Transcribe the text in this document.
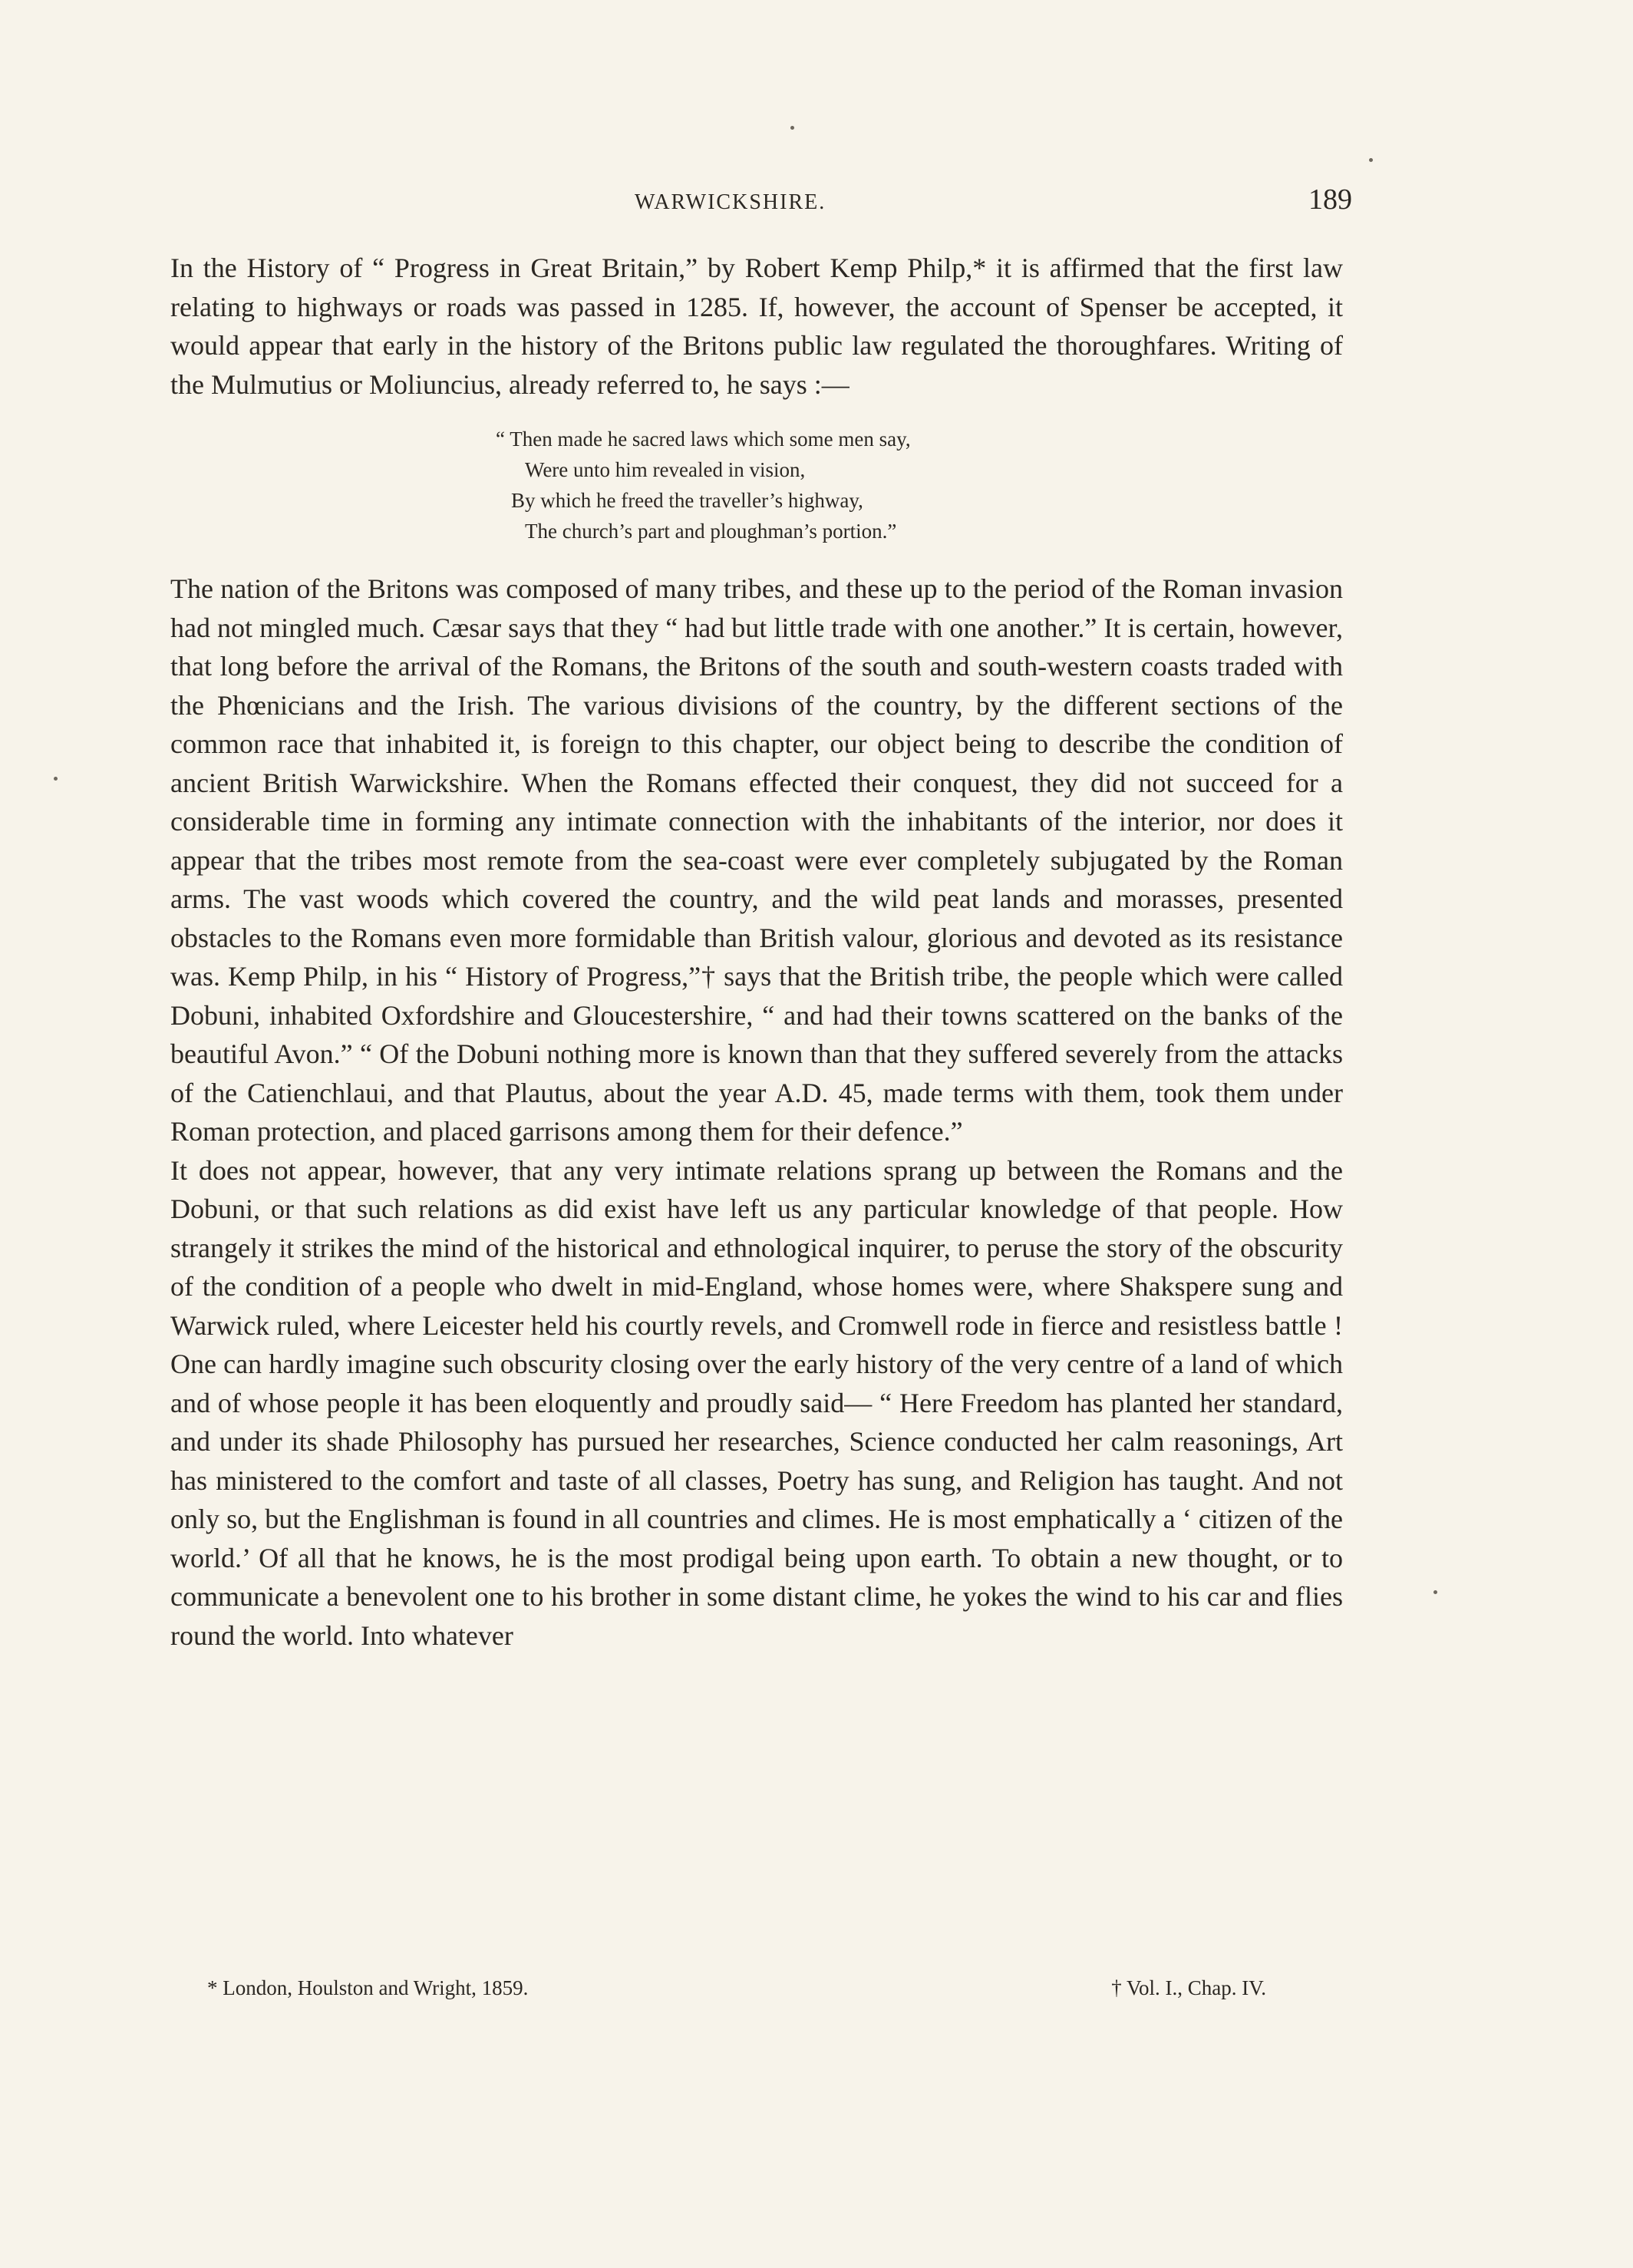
WARWICKSHIRE.	189

In the History of “ Progress in Great Britain,” by Robert Kemp Philp,* it is affirmed that the first law relating to highways or roads was passed in 1285. If, however, the account of Spenser be accepted, it would appear that early in the history of the Britons public law regulated the thoroughfares. Writing of the Mulmutius or Moliuncius, already referred to, he says :—

“ Then made he sacred laws which some men say,
Were unto him revealed in vision,
By which he freed the traveller’s highway,
The church’s part and ploughman’s portion.”

The nation of the Britons was composed of many tribes, and these up to the period of the Roman invasion had not mingled much. Cæsar says that they “ had but little trade with one another.” It is certain, however, that long before the arrival of the Romans, the Britons of the south and south-western coasts traded with the Phœnicians and the Irish. The various divisions of the country, by the different sections of the common race that inhabited it, is foreign to this chapter, our object being to describe the condition of ancient British Warwickshire. When the Romans effected their conquest, they did not succeed for a considerable time in forming any intimate connection with the inhabitants of the interior, nor does it appear that the tribes most remote from the sea-coast were ever completely subjugated by the Roman arms. The vast woods which covered the country, and the wild peat lands and morasses, presented obstacles to the Romans even more formidable than British valour, glorious and devoted as its resistance was. Kemp Philp, in his “ History of Progress,”† says that the British tribe, the people which were called Dobuni, inhabited Oxfordshire and Gloucestershire, “ and had their towns scattered on the banks of the beautiful Avon.” “ Of the Dobuni nothing more is known than that they suffered severely from the attacks of the Catienchlaui, and that Plautus, about the year A.D. 45, made terms with them, took them under Roman protection, and placed garrisons among them for their defence.”

It does not appear, however, that any very intimate relations sprang up between the Romans and the Dobuni, or that such relations as did exist have left us any particular knowledge of that people. How strangely it strikes the mind of the historical and ethnological inquirer, to peruse the story of the obscurity of the condition of a people who dwelt in mid-England, whose homes were, where Shakspere sung and Warwick ruled, where Leicester held his courtly revels, and Cromwell rode in fierce and resistless battle ! One can hardly imagine such obscurity closing over the early history of the very centre of a land of which and of whose people it has been eloquently and proudly said— “ Here Freedom has planted her standard, and under its shade Philosophy has pursued her researches, Science conducted her calm reasonings, Art has ministered to the comfort and taste of all classes, Poetry has sung, and Religion has taught. And not only so, but the Englishman is found in all countries and climes. He is most emphatically a ‘ citizen of the world.’ Of all that he knows, he is the most prodigal being upon earth. To obtain a new thought, or to communicate a benevolent one to his brother in some distant clime, he yokes the wind to his car and flies round the world. Into whatever

* London, Houlston and Wright, 1859.	† Vol. I., Chap. IV.
